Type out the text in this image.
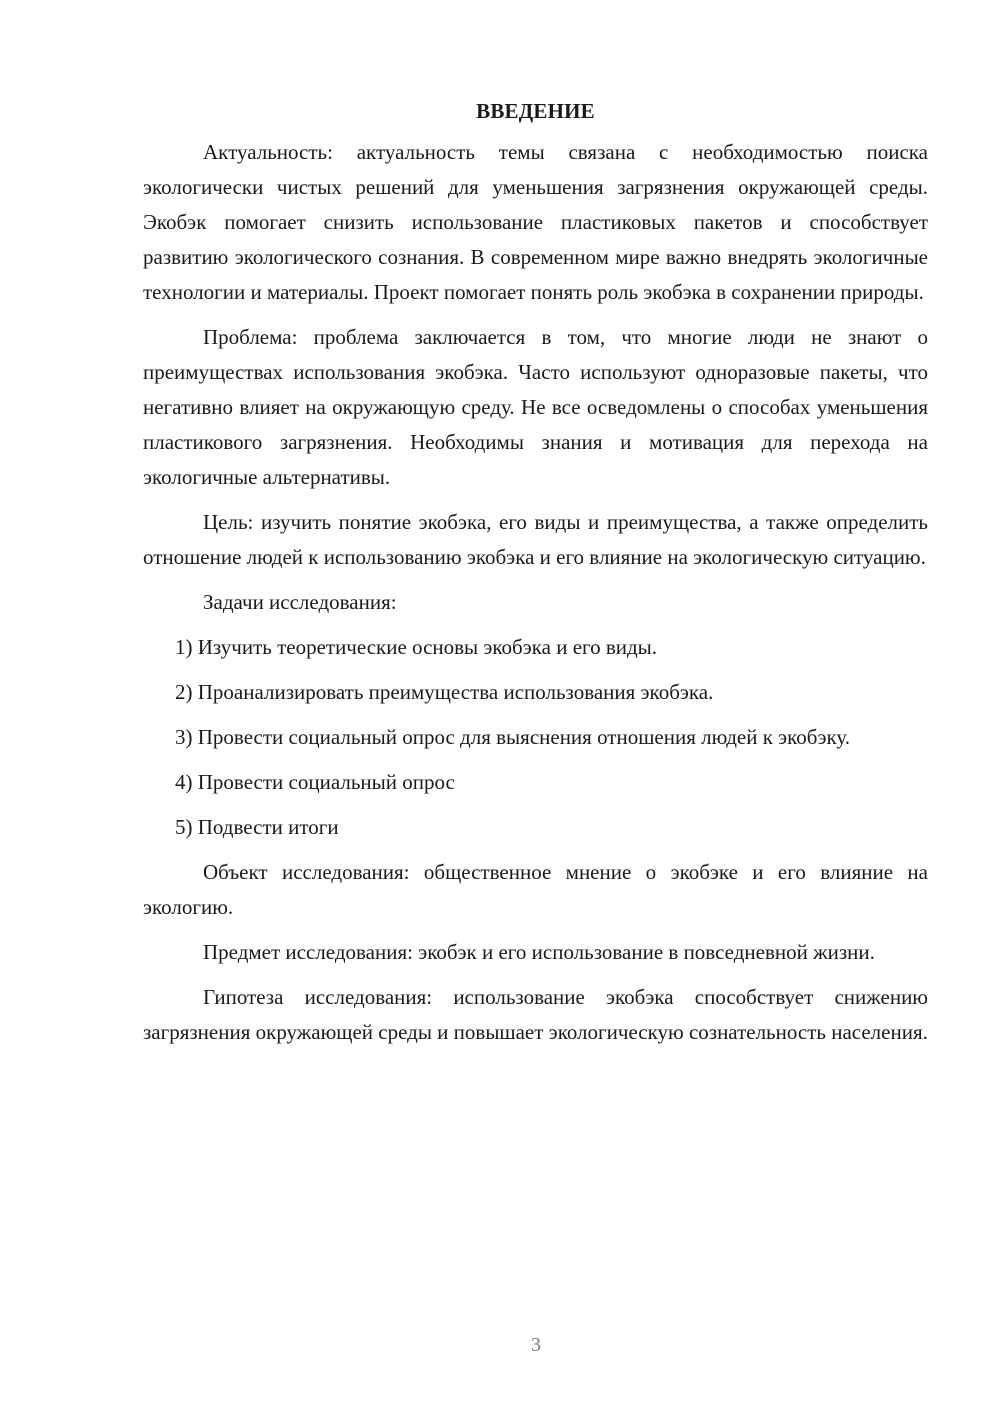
ВВЕДЕНИЕ

Актуальность: актуальность темы связана с необходимостью поиска экологически чистых решений для уменьшения загрязнения окружающей среды. Экобэк помогает снизить использование пластиковых пакетов и способствует развитию экологического сознания. В современном мире важно внедрять экологичные технологии и материалы. Проект помогает понять роль экобэка в сохранении природы.

Проблема: проблема заключается в том, что многие люди не знают о преимуществах использования экобэка. Часто используют одноразовые пакеты, что негативно влияет на окружающую среду. Не все осведомлены о способах уменьшения пластикового загрязнения. Необходимы знания и мотивация для перехода на экологичные альтернативы.

Цель: изучить понятие экобэка, его виды и преимущества, а также определить отношение людей к использованию экобэка и его влияние на экологическую ситуацию.

Задачи исследования:

1) Изучить теоретические основы экобэка и его виды.

2) Проанализировать преимущества использования экобэка.

3) Провести социальный опрос для выяснения отношения людей к экобэку.

4) Провести социальный опрос

5) Подвести итоги

Объект исследования: общественное мнение о экобэке и его влияние на экологию.

Предмет исследования: экобэк и его использование в повседневной жизни.

Гипотеза исследования: использование экобэка способствует снижению загрязнения окружающей среды и повышает экологическую сознательность населения.

3
